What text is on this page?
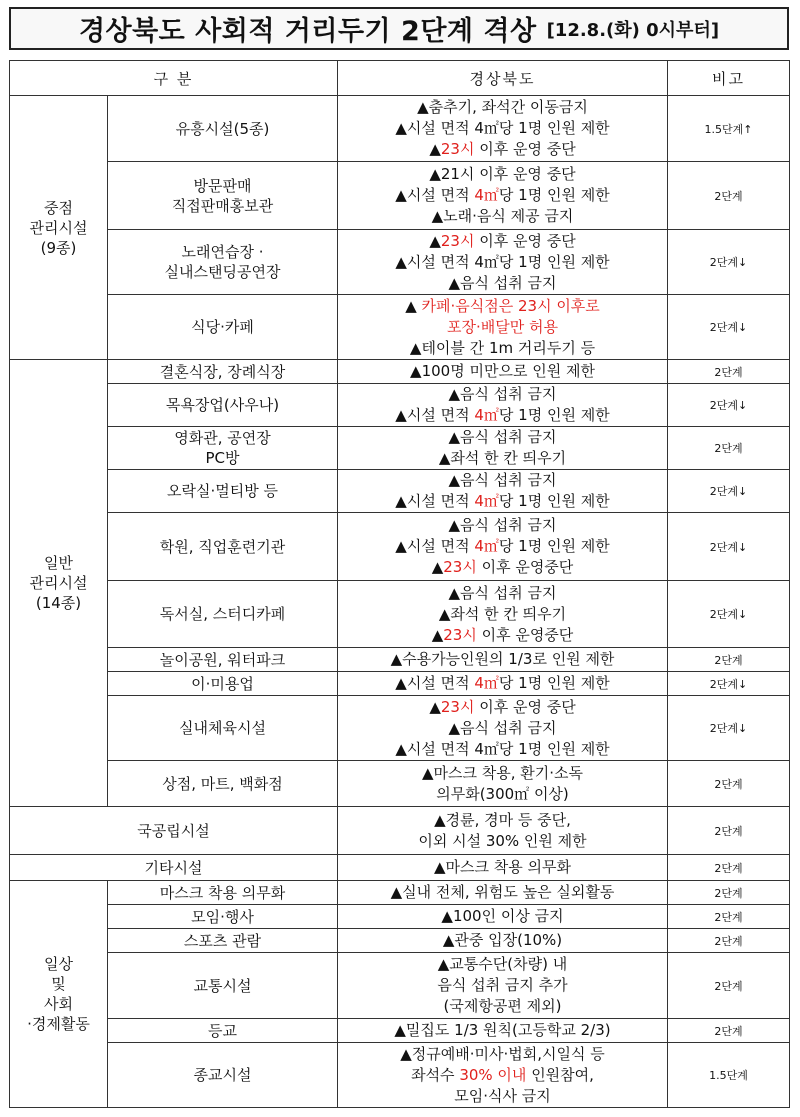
경상북도 사회적 거리두기 2단계 격상 [12.8.(화) 0시부터]
구 분		경상북도	비고

중점
관리시설
(9종)	유흥시설(5종)	▲춤추기, 좌석간 이동금지
▲시설 면적 4㎡당 1명 인원 제한
▲23시 이후 운영 중단	1.5단계↑

	방문판매
직접판매홍보관	▲21시 이후 운영 중단
▲시설 면적 4㎡당 1명 인원 제한
▲노래·음식 제공 금지	2단계

	노래연습장 ·
실내스탠딩공연장	▲23시 이후 운영 중단
▲시설 면적 4㎡당 1명 인원 제한
▲음식 섭취 금지	2단계↓

	식당·카페	▲ 카페·음식점은 23시 이후로
포장·배달만 허용
▲테이블 간 1m 거리두기 등	2단계↓

일반
관리시설
(14종)	결혼식장, 장례식장	▲100명 미만으로 인원 제한	2단계

	목욕장업(사우나)	▲음식 섭취 금지
▲시설 면적 4㎡당 1명 인원 제한	2단계↓

	영화관, 공연장
PC방	▲음식 섭취 금지
▲좌석 한 칸 띄우기	2단계

	오락실·멀티방 등	▲음식 섭취 금지
▲시설 면적 4㎡당 1명 인원 제한	2단계↓

	학원, 직업훈련기관	▲음식 섭취 금지
▲시설 면적 4㎡당 1명 인원 제한
▲23시 이후 운영중단	2단계↓

	독서실, 스터디카페	▲음식 섭취 금지
▲좌석 한 칸 띄우기
▲23시 이후 운영중단	2단계↓

	놀이공원, 워터파크	▲수용가능인원의 1/3로 인원 제한	2단계

	이·미용업	▲시설 면적 4㎡당 1명 인원 제한	2단계↓

	실내체육시설	▲23시 이후 운영 중단
▲음식 섭취 금지
▲시설 면적 4㎡당 1명 인원 제한	2단계↓

	상점, 마트, 백화점	▲마스크 착용, 환기·소독
의무화(300㎡ 이상)	2단계

국공립시설		▲경륜, 경마 등 중단,
이외 시설 30% 인원 제한	2단계

기타시설		▲마스크 착용 의무화	2단계

일상
및
사회
·경제활동	마스크 착용 의무화	▲실내 전체, 위험도 높은 실외활동	2단계

	모임·행사	▲100인 이상 금지	2단계

	스포츠 관람	▲관중 입장(10%)	2단계

	교통시설	▲교통수단(차량) 내
음식 섭취 금지 추가
(국제항공편 제외)	2단계

	등교	▲밀집도 1/3 원칙(고등학교 2/3)	2단계

	종교시설	▲정규예배·미사·법회,시일식 등
좌석수 30% 이내 인원참여,
모임·식사 금지	1.5단계
